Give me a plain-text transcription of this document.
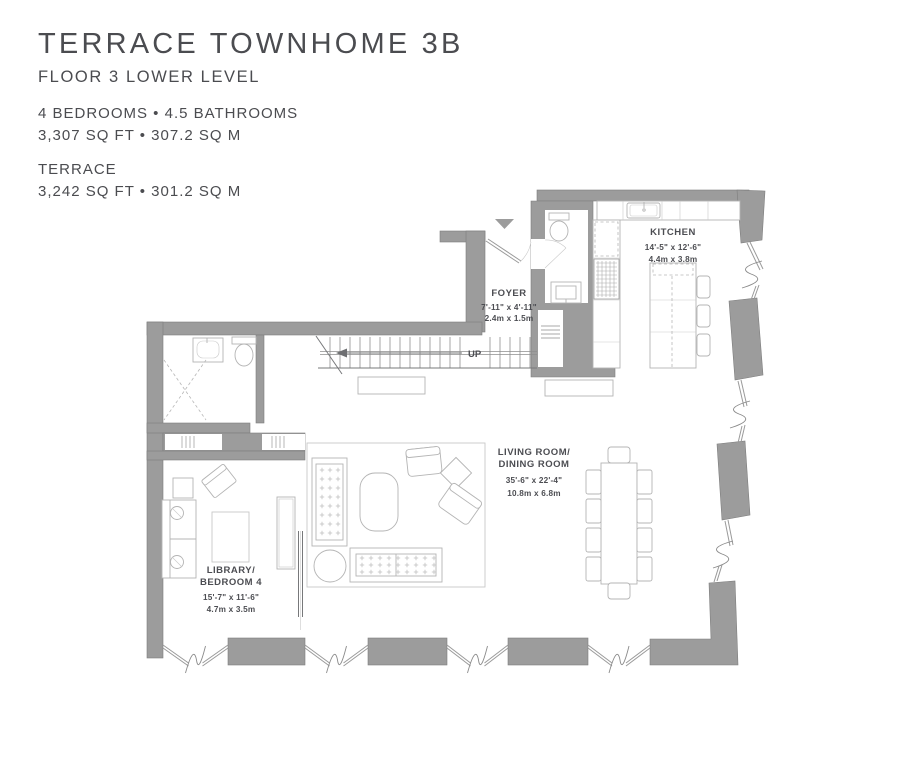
TERRACE TOWNHOME 3B
FLOOR 3 LOWER LEVEL
4 BEDROOMS • 4.5 BATHROOMS
3,307 SQ FT • 307.2 SQ M
TERRACE
3,242 SQ FT • 301.2 SQ M
UP
KITCHEN
14'-5" x 12'-6"
4.4m x 3.8m
FOYER
7'-11" x 4'-11"
2.4m x 1.5m
LIBRARY/
BEDROOM 4
15'-7" x 11'-6"
4.7m x 3.5m
LIVING ROOM/
DINING ROOM
35'-6" x 22'-4"
10.8m x 6.8m
